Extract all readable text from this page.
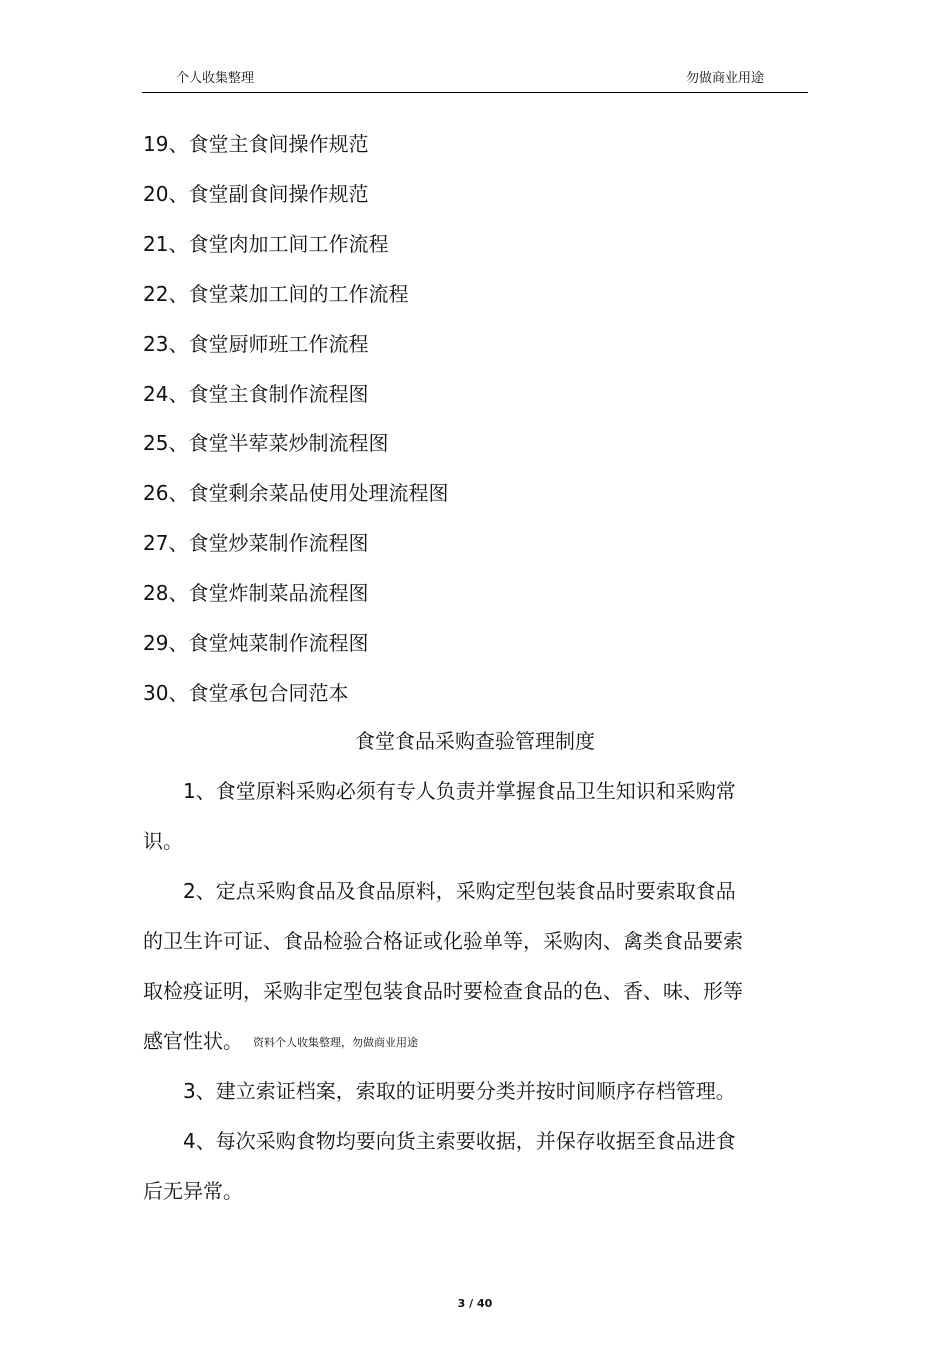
个人收集整理	勿做商业用途
19、食堂主食间操作规范
20、食堂副食间操作规范
21、食堂肉加工间工作流程
22、食堂菜加工间的工作流程
23、食堂厨师班工作流程
24、食堂主食制作流程图
25、食堂半荤菜炒制流程图
26、食堂剩余菜品使用处理流程图
27、食堂炒菜制作流程图
28、食堂炸制菜品流程图
29、食堂炖菜制作流程图
30、食堂承包合同范本
食堂食品采购查验管理制度
　　1、食堂原料采购必须有专人负责并掌握食品卫生知识和采购常
识。
　　2、定点采购食品及食品原料，采购定型包装食品时要索取食品
的卫生许可证、食品检验合格证或化验单等，采购肉、禽类食品要索
取检疫证明，采购非定型包装食品时要检查食品的色、香、味、形等
感官性状。 资料个人收集整理，勿做商业用途
　　3、建立索证档案，索取的证明要分类并按时间顺序存档管理。
　　4、每次采购食物均要向货主索要收据，并保存收据至食品进食
后无异常。
3 / 40
